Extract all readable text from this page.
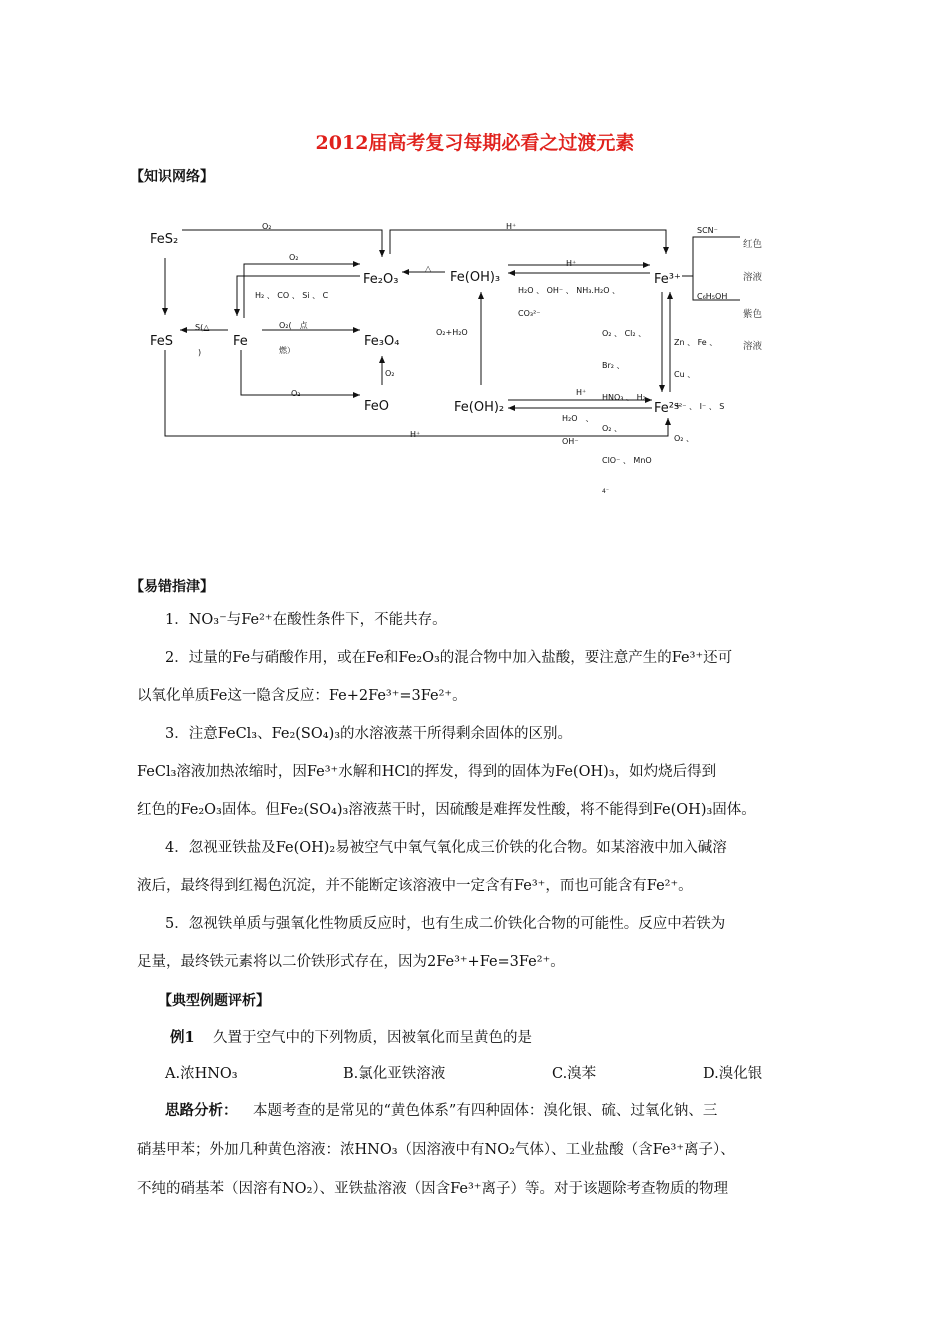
2012届高考复习每期必看之过渡元素
【知识网络】
FeS₂
FeS	Fe
Fe₂O₃
Fe₃O₄
FeO
Fe(OH)₃
Fe(OH)₂
Fe³⁺
Fe²⁺
O₂	H⁺	SCN⁻
红色
溶液
C₆H₅OH
紫色
溶液
O₂
△
H⁺
H₂ 、 CO 、 Si 、 C
H₂O 、 OH⁻ 、 NH₃.H₂O 、
CO₃²⁻
S(△
)
O₂(　点
燃）
O₂+H₂O	O₂ 、 Cl₂ 、
Br₂ 、
HNO₃ 、 H₂
Zn 、 Fe 、
Cu 、
S²⁻ 、 I⁻ 、 S
O₂
O₂	H⁺
H₂O　、
OH⁻
O₂ 、
ClO⁻ 、 MnO
4⁻
O₂ 、
H⁺
【易错指津】
1．NO₃⁻与Fe²⁺在酸性条件下，不能共存。
2．过量的Fe与硝酸作用，或在Fe和Fe₂O₃的混合物中加入盐酸，要注意产生的Fe³⁺还可
以氧化单质Fe这一隐含反应：Fe+2Fe³⁺=3Fe²⁺。
3．注意FeCl₃、Fe₂(SO₄)₃的水溶液蒸干所得剩余固体的区别。
FeCl₃溶液加热浓缩时，因Fe³⁺水解和HCl的挥发，得到的固体为Fe(OH)₃，如灼烧后得到
红色的Fe₂O₃固体。但Fe₂(SO₄)₃溶液蒸干时，因硫酸是难挥发性酸，将不能得到Fe(OH)₃固体。
4．忽视亚铁盐及Fe(OH)₂易被空气中氧气氧化成三价铁的化合物。如某溶液中加入碱溶
液后，最终得到红褐色沉淀，并不能断定该溶液中一定含有Fe³⁺，而也可能含有Fe²⁺。
5．忽视铁单质与强氧化性物质反应时，也有生成二价铁化合物的可能性。反应中若铁为
足量，最终铁元素将以二价铁形式存在，因为2Fe³⁺+Fe=3Fe²⁺。
【典型例题评析】
例1 久置于空气中的下列物质，因被氧化而呈黄色的是
A.浓HNO₃	B.氯化亚铁溶液	C.溴苯	D.溴化银
思路分析： 本题考查的是常见的“黄色体系”有四种固体：溴化银、硫、过氧化钠、三
硝基甲苯；外加几种黄色溶液：浓HNO₃（因溶液中有NO₂气体）、工业盐酸（含Fe³⁺离子）、
不纯的硝基苯（因溶有NO₂）、亚铁盐溶液（因含Fe³⁺离子）等。对于该题除考查物质的物理
